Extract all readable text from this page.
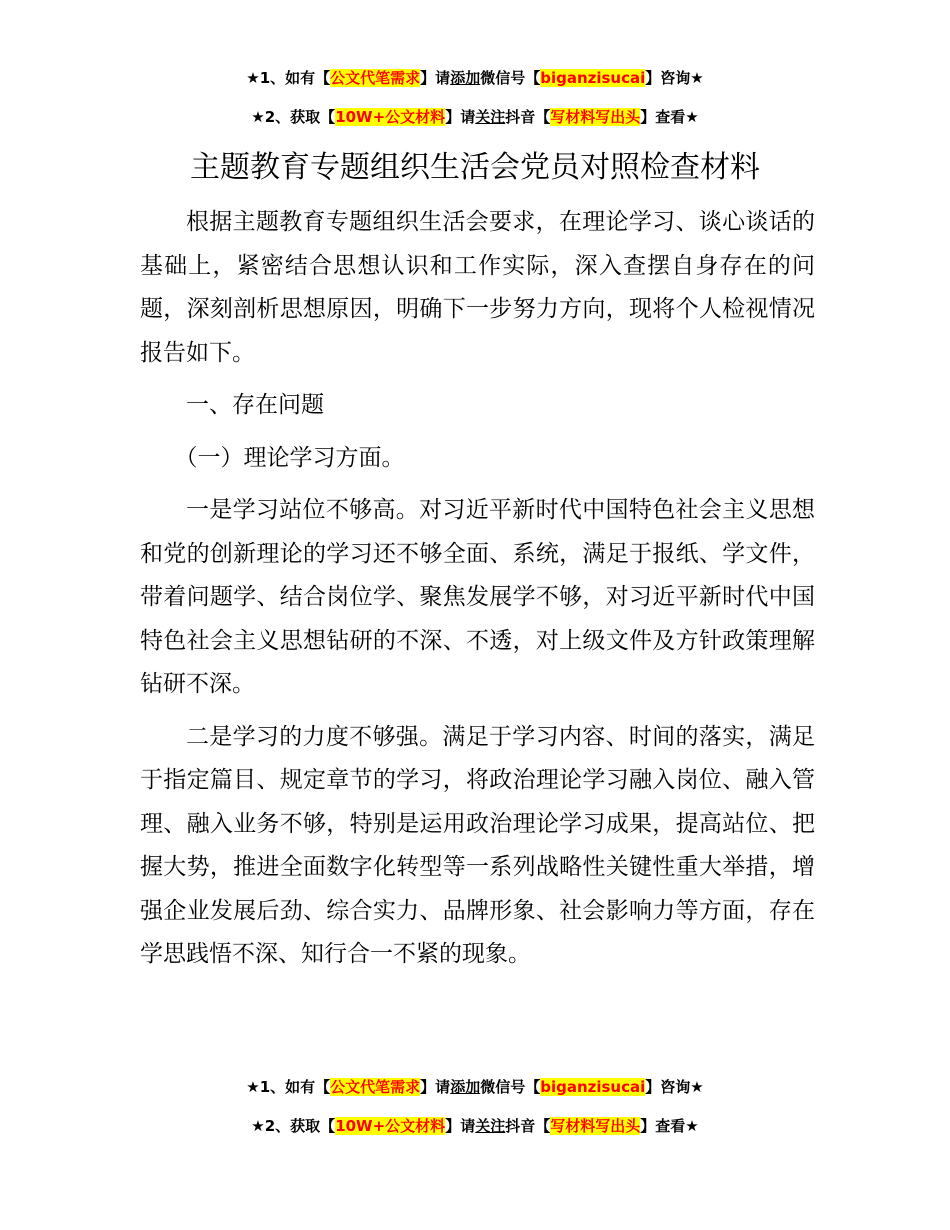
★1、如有【公文代笔需求】请添加微信号【biganzisucai】咨询★
★2、获取【10W+公文材料】请关注抖音【写材料写出头】查看★
主题教育专题组织生活会党员对照检查材料

根据主题教育专题组织生活会要求，在理论学习、谈心谈话的基础上，紧密结合思想认识和工作实际，深入查摆自身存在的问题，深刻剖析思想原因，明确下一步努力方向，现将个人检视情况报告如下。

一、存在问题

（一）理论学习方面。

一是学习站位不够高。对习近平新时代中国特色社会主义思想和党的创新理论的学习还不够全面、系统，满足于报纸、学文件，带着问题学、结合岗位学、聚焦发展学不够，对习近平新时代中国特色社会主义思想钻研的不深、不透，对上级文件及方针政策理解钻研不深。

二是学习的力度不够强。满足于学习内容、时间的落实，满足于指定篇目、规定章节的学习，将政治理论学习融入岗位、融入管理、融入业务不够，特别是运用政治理论学习成果，提高站位、把握大势，推进全面数字化转型等一系列战略性关键性重大举措，增强企业发展后劲、综合实力、品牌形象、社会影响力等方面，存在学思践悟不深、知行合一不紧的现象。

★1、如有【公文代笔需求】请添加微信号【biganzisucai】咨询★
★2、获取【10W+公文材料】请关注抖音【写材料写出头】查看★
